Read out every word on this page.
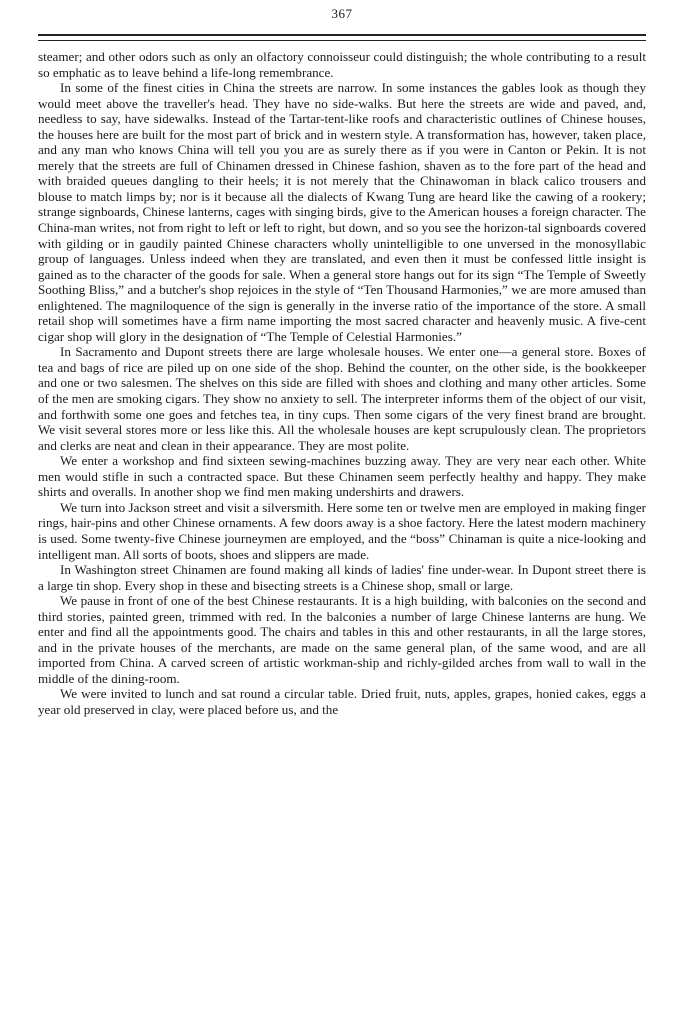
367

steamer; and other odors such as only an olfactory connoisseur could distinguish; the whole contributing to a result so emphatic as to leave behind a life-long remembrance.

In some of the finest cities in China the streets are narrow. In some instances the gables look as though they would meet above the traveller's head. They have no side-walks. But here the streets are wide and paved, and, needless to say, have sidewalks. Instead of the Tartar-tent-like roofs and characteristic outlines of Chinese houses, the houses here are built for the most part of brick and in western style. A transformation has, however, taken place, and any man who knows China will tell you you are as surely there as if you were in Canton or Pekin. It is not merely that the streets are full of Chinamen dressed in Chinese fashion, shaven as to the fore part of the head and with braided queues dangling to their heels; it is not merely that the Chinawoman in black calico trousers and blouse to match limps by; nor is it because all the dialects of Kwang Tung are heard like the cawing of a rookery; strange signboards, Chinese lanterns, cages with singing birds, give to the American houses a foreign character. The China-man writes, not from right to left or left to right, but down, and so you see the horizon-tal signboards covered with gilding or in gaudily painted Chinese characters wholly unintelligible to one unversed in the monosyllabic group of languages. Unless indeed when they are translated, and even then it must be confessed little insight is gained as to the character of the goods for sale. When a general store hangs out for its sign “The Temple of Sweetly Soothing Bliss,” and a butcher's shop rejoices in the style of “Ten Thousand Harmonies,” we are more amused than enlightened. The magniloquence of the sign is generally in the inverse ratio of the importance of the store. A small retail shop will sometimes have a firm name importing the most sacred character and heavenly music. A five-cent cigar shop will glory in the designation of “The Temple of Celestial Harmonies.”

In Sacramento and Dupont streets there are large wholesale houses. We enter one—a general store. Boxes of tea and bags of rice are piled up on one side of the shop. Behind the counter, on the other side, is the bookkeeper and one or two salesmen. The shelves on this side are filled with shoes and clothing and many other articles. Some of the men are smoking cigars. They show no anxiety to sell. The interpreter informs them of the object of our visit, and forthwith some one goes and fetches tea, in tiny cups. Then some cigars of the very finest brand are brought. We visit several stores more or less like this. All the wholesale houses are kept scrupulously clean. The proprietors and clerks are neat and clean in their appearance. They are most polite.

We enter a workshop and find sixteen sewing-machines buzzing away. They are very near each other. White men would stifle in such a contracted space. But these Chinamen seem perfectly healthy and happy. They make shirts and overalls. In another shop we find men making undershirts and drawers.

We turn into Jackson street and visit a silversmith. Here some ten or twelve men are employed in making finger rings, hair-pins and other Chinese ornaments. A few doors away is a shoe factory. Here the latest modern machinery is used. Some twenty-five Chinese journeymen are employed, and the “boss” Chinaman is quite a nice-looking and intelligent man. All sorts of boots, shoes and slippers are made.

In Washington street Chinamen are found making all kinds of ladies' fine under-wear. In Dupont street there is a large tin shop. Every shop in these and bisecting streets is a Chinese shop, small or large.

We pause in front of one of the best Chinese restaurants. It is a high building, with balconies on the second and third stories, painted green, trimmed with red. In the balconies a number of large Chinese lanterns are hung. We enter and find all the appointments good. The chairs and tables in this and other restaurants, in all the large stores, and in the private houses of the merchants, are made on the same general plan, of the same wood, and are all imported from China. A carved screen of artistic workman-ship and richly-gilded arches from wall to wall in the middle of the dining-room.

We were invited to lunch and sat round a circular table. Dried fruit, nuts, apples, grapes, honied cakes, eggs a year old preserved in clay, were placed before us, and the
